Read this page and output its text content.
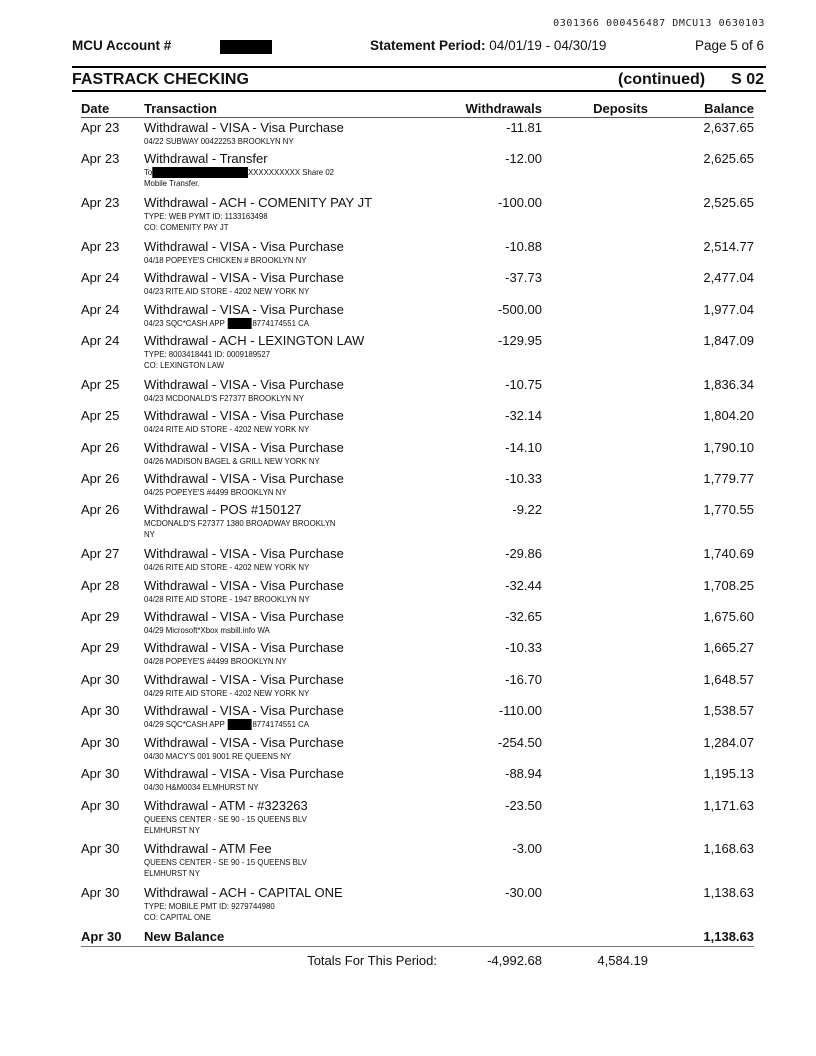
0301366 000456487 DMCU13 0630103
MCU Account #	Statement Period: 04/01/19 - 04/30/19	Page 5 of 6
FASTRACK CHECKING	(continued) S 02
Date	Transaction	Withdrawals	Deposits	Balance
Apr 23 Withdrawal - VISA - Visa Purchase	-11.81	2,637.65
04/22 SUBWAY 00422253 BROOKLYN NY
Apr 23 Withdrawal - Transfer	-12.00	2,625.65
To	XXXXXXXXXX Share 02
Mobile Transfer.
Apr 23 Withdrawal - ACH - COMENITY PAY JT	-100.00	2,525.65
TYPE: WEB PYMT ID: 1133163498
CO: COMENITY PAY JT
Apr 23 Withdrawal - VISA - Visa Purchase	-10.88	2,514.77
04/18 POPEYE'S CHICKEN # BROOKLYN NY
Apr 24 Withdrawal - VISA - Visa Purchase	-37.73	2,477.04
04/23 RITE AID STORE - 4202 NEW YORK NY
Apr 24 Withdrawal - VISA - Visa Purchase	-500.00	1,977.04
04/23 SQC*CASH APP	8774174551 CA
Apr 24 Withdrawal - ACH - LEXINGTON LAW	-129.95	1,847.09
TYPE: 8003418441 ID: 0009189527
CO: LEXINGTON LAW
Apr 25 Withdrawal - VISA - Visa Purchase	-10.75	1,836.34
04/23 MCDONALD'S F27377 BROOKLYN NY
Apr 25 Withdrawal - VISA - Visa Purchase	-32.14	1,804.20
04/24 RITE AID STORE - 4202 NEW YORK NY
Apr 26 Withdrawal - VISA - Visa Purchase	-14.10	1,790.10
04/26 MADISON BAGEL & GRILL NEW YORK NY
Apr 26 Withdrawal - VISA - Visa Purchase	-10.33	1,779.77
04/25 POPEYE'S #4499 BROOKLYN NY
Apr 26 Withdrawal - POS #150127	-9.22	1,770.55
MCDONALD'S F27377 1380 BROADWAY BROOKLYN
NY
Apr 27 Withdrawal - VISA - Visa Purchase	-29.86	1,740.69
04/26 RITE AID STORE - 4202 NEW YORK NY
Apr 28 Withdrawal - VISA - Visa Purchase	-32.44	1,708.25
04/28 RITE AID STORE - 1947 BROOKLYN NY
Apr 29 Withdrawal - VISA - Visa Purchase	-32.65	1,675.60
04/29 Microsoft*Xbox msbill.info WA
Apr 29 Withdrawal - VISA - Visa Purchase	-10.33	1,665.27
04/28 POPEYE'S #4499 BROOKLYN NY
Apr 30 Withdrawal - VISA - Visa Purchase	-16.70	1,648.57
04/29 RITE AID STORE - 4202 NEW YORK NY
Apr 30 Withdrawal - VISA - Visa Purchase	-110.00	1,538.57
04/29 SQC*CASH APP	8774174551 CA
Apr 30 Withdrawal - VISA - Visa Purchase	-254.50	1,284.07
04/30 MACY'S 001 9001 RE QUEENS NY
Apr 30 Withdrawal - VISA - Visa Purchase	-88.94	1,195.13
04/30 H&M0034 ELMHURST NY
Apr 30 Withdrawal - ATM - #323263	-23.50	1,171.63
QUEENS CENTER - SE 90 - 15 QUEENS BLV
ELMHURST NY
Apr 30 Withdrawal - ATM Fee	-3.00	1,168.63
QUEENS CENTER - SE 90 - 15 QUEENS BLV
ELMHURST NY
Apr 30 Withdrawal - ACH - CAPITAL ONE	-30.00	1,138.63
TYPE: MOBILE PMT ID: 9279744980
CO: CAPITAL ONE
Apr 30 New Balance	1,138.63
Totals For This Period:	-4,992.68	4,584.19
